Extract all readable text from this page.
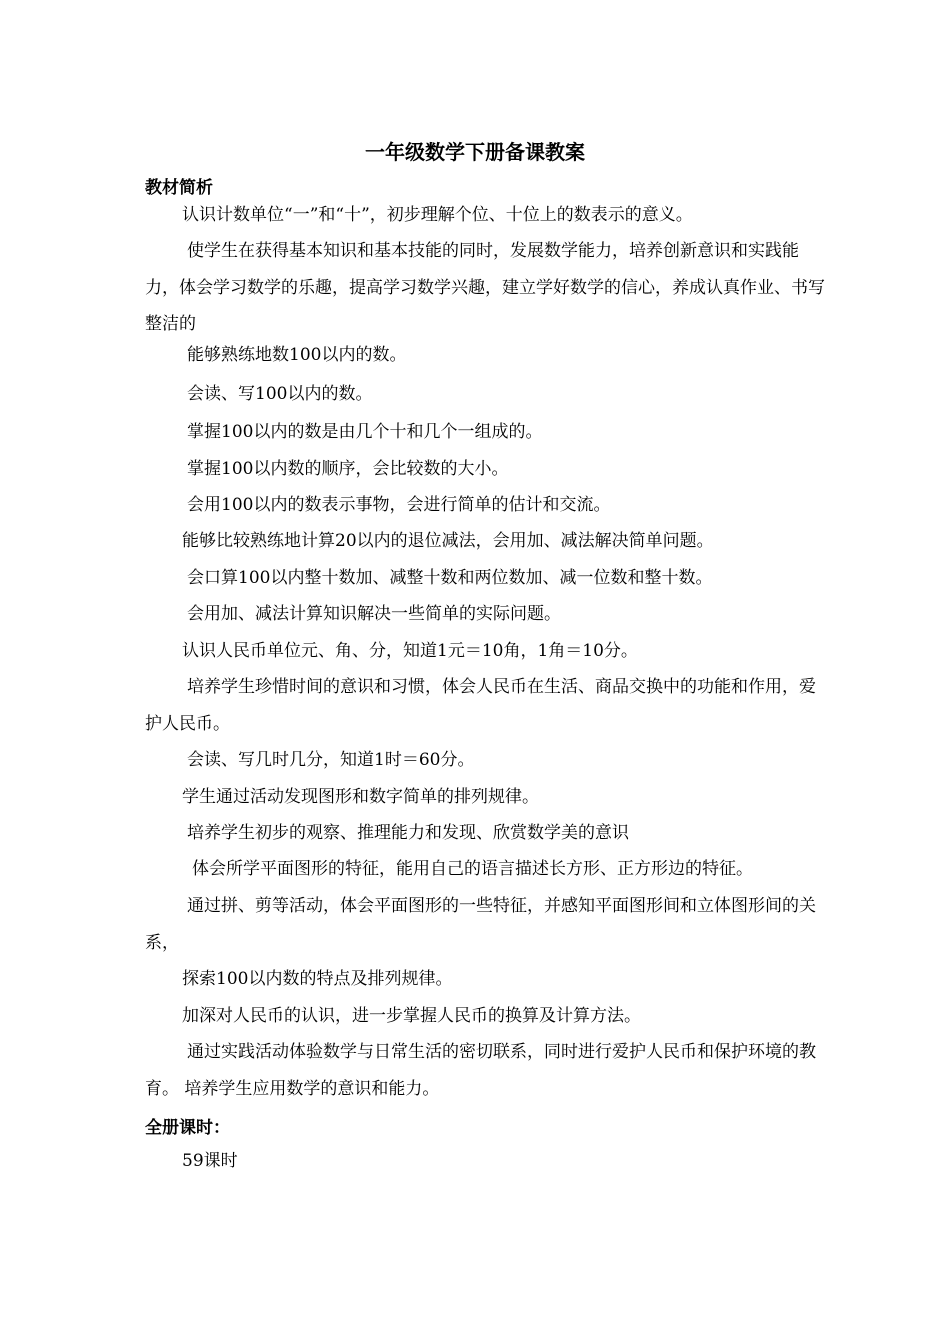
一年级数学下册备课教案
教材简析
认识计数单位“一”和“十”，初步理解个位、十位上的数表示的意义。
使学生在获得基本知识和基本技能的同时，发展数学能力，培养创新意识和实践能力，体会学习数学的乐趣，提高学习数学兴趣，建立学好数学的信心，养成认真作业、书写整洁的
能够熟练地数100以内的数。
会读、写100以内的数。
掌握100以内的数是由几个十和几个一组成的。
掌握100以内数的顺序，会比较数的大小。
会用100以内的数表示事物，会进行简单的估计和交流。
能够比较熟练地计算20以内的退位减法，会用加、减法解决简单问题。
会口算100以内整十数加、减整十数和两位数加、减一位数和整十数。
会用加、减法计算知识解决一些简单的实际问题。
认识人民币单位元、角、分，知道1元＝10角，1角＝10分。
培养学生珍惜时间的意识和习惯，体会人民币在生活、商品交换中的功能和作用，爱护人民币。
会读、写几时几分，知道1时＝60分。
学生通过活动发现图形和数字简单的排列规律。
培养学生初步的观察、推理能力和发现、欣赏数学美的意识
体会所学平面图形的特征，能用自己的语言描述长方形、正方形边的特征。
通过拼、剪等活动，体会平面图形的一些特征，并感知平面图形间和立体图形间的关系，
探索100以内数的特点及排列规律。
加深对人民币的认识，进一步掌握人民币的换算及计算方法。
通过实践活动体验数学与日常生活的密切联系，同时进行爱护人民币和保护环境的教育。 培养学生应用数学的意识和能力。
全册课时：
59课时
